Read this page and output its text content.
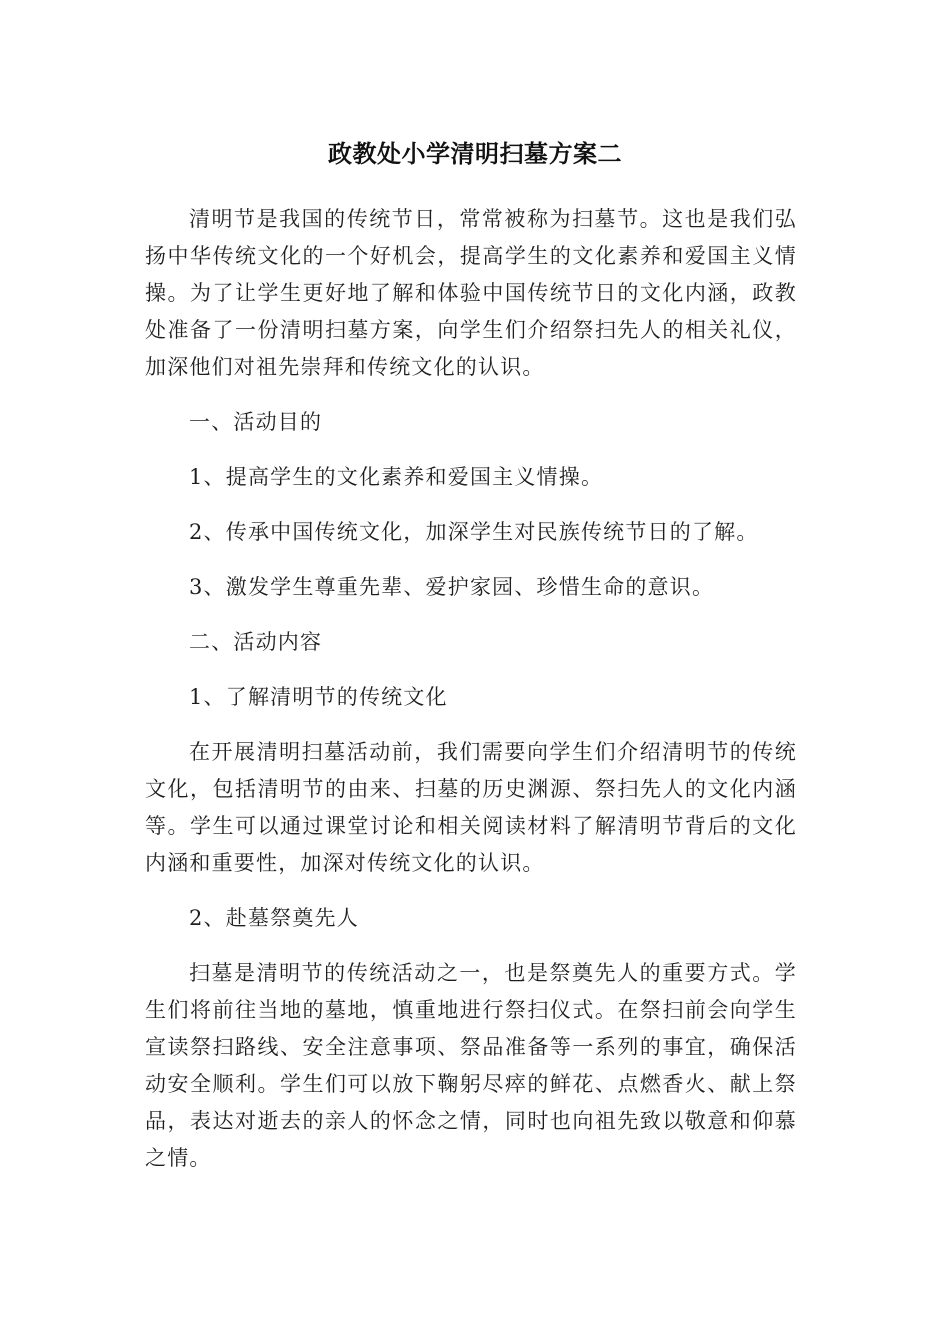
政教处小学清明扫墓方案二

清明节是我国的传统节日，常常被称为扫墓节。这也是我们弘扬中华传统文化的一个好机会，提高学生的文化素养和爱国主义情操。为了让学生更好地了解和体验中国传统节日的文化内涵，政教处准备了一份清明扫墓方案，向学生们介绍祭扫先人的相关礼仪，加深他们对祖先崇拜和传统文化的认识。

一、活动目的

1、提高学生的文化素养和爱国主义情操。

2、传承中国传统文化，加深学生对民族传统节日的了解。

3、激发学生尊重先辈、爱护家园、珍惜生命的意识。

二、活动内容

1、了解清明节的传统文化

在开展清明扫墓活动前，我们需要向学生们介绍清明节的传统文化，包括清明节的由来、扫墓的历史渊源、祭扫先人的文化内涵等。学生可以通过课堂讨论和相关阅读材料了解清明节背后的文化内涵和重要性，加深对传统文化的认识。

2、赴墓祭奠先人

扫墓是清明节的传统活动之一，也是祭奠先人的重要方式。学生们将前往当地的墓地，慎重地进行祭扫仪式。在祭扫前会向学生宣读祭扫路线、安全注意事项、祭品准备等一系列的事宜，确保活动安全顺利。学生们可以放下鞠躬尽瘁的鲜花、点燃香火、献上祭品，表达对逝去的亲人的怀念之情，同时也向祖先致以敬意和仰慕之情。
